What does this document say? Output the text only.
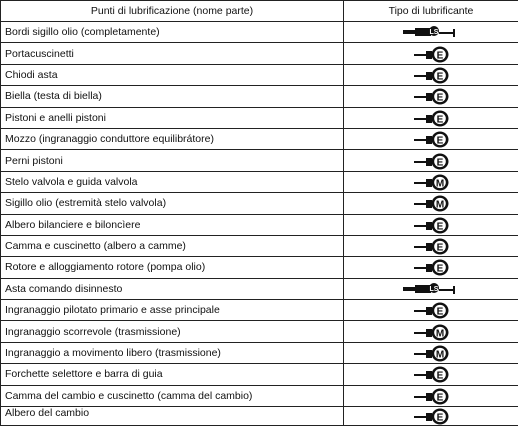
Punti di lubrificazione (nome parte)	Tipo di lubrificante
Bordi sigillo olio (completamente)	LS

Portacuscinetti	E

Chiodi asta	E

Biella (testa di biella)	E

Pistoni e anelli pistoni	E

Mozzo (ingranaggio conduttore equilibrátore)	E

Perni pistoni	E

Stelo valvola e guida valvola	M

Sigillo olio (estremità stelo valvola)	M

Albero bilanciere e biloncìere	E

Camma e cuscinetto (albero a camme)	E

Rotore e alloggiamento rotore (pompa olio)	E

Asta comando disinnesto	LS

Ingranaggio pilotato primario e asse principale	E

Ingranaggio scorrevole (trasmissione)	M

Ingranaggio a movimento libero (trasmissione)	M

Forchette selettore e barra di guia	E

Camma del cambio e cuscinetto (camma del cambio)	E

Albero del cambio	E
